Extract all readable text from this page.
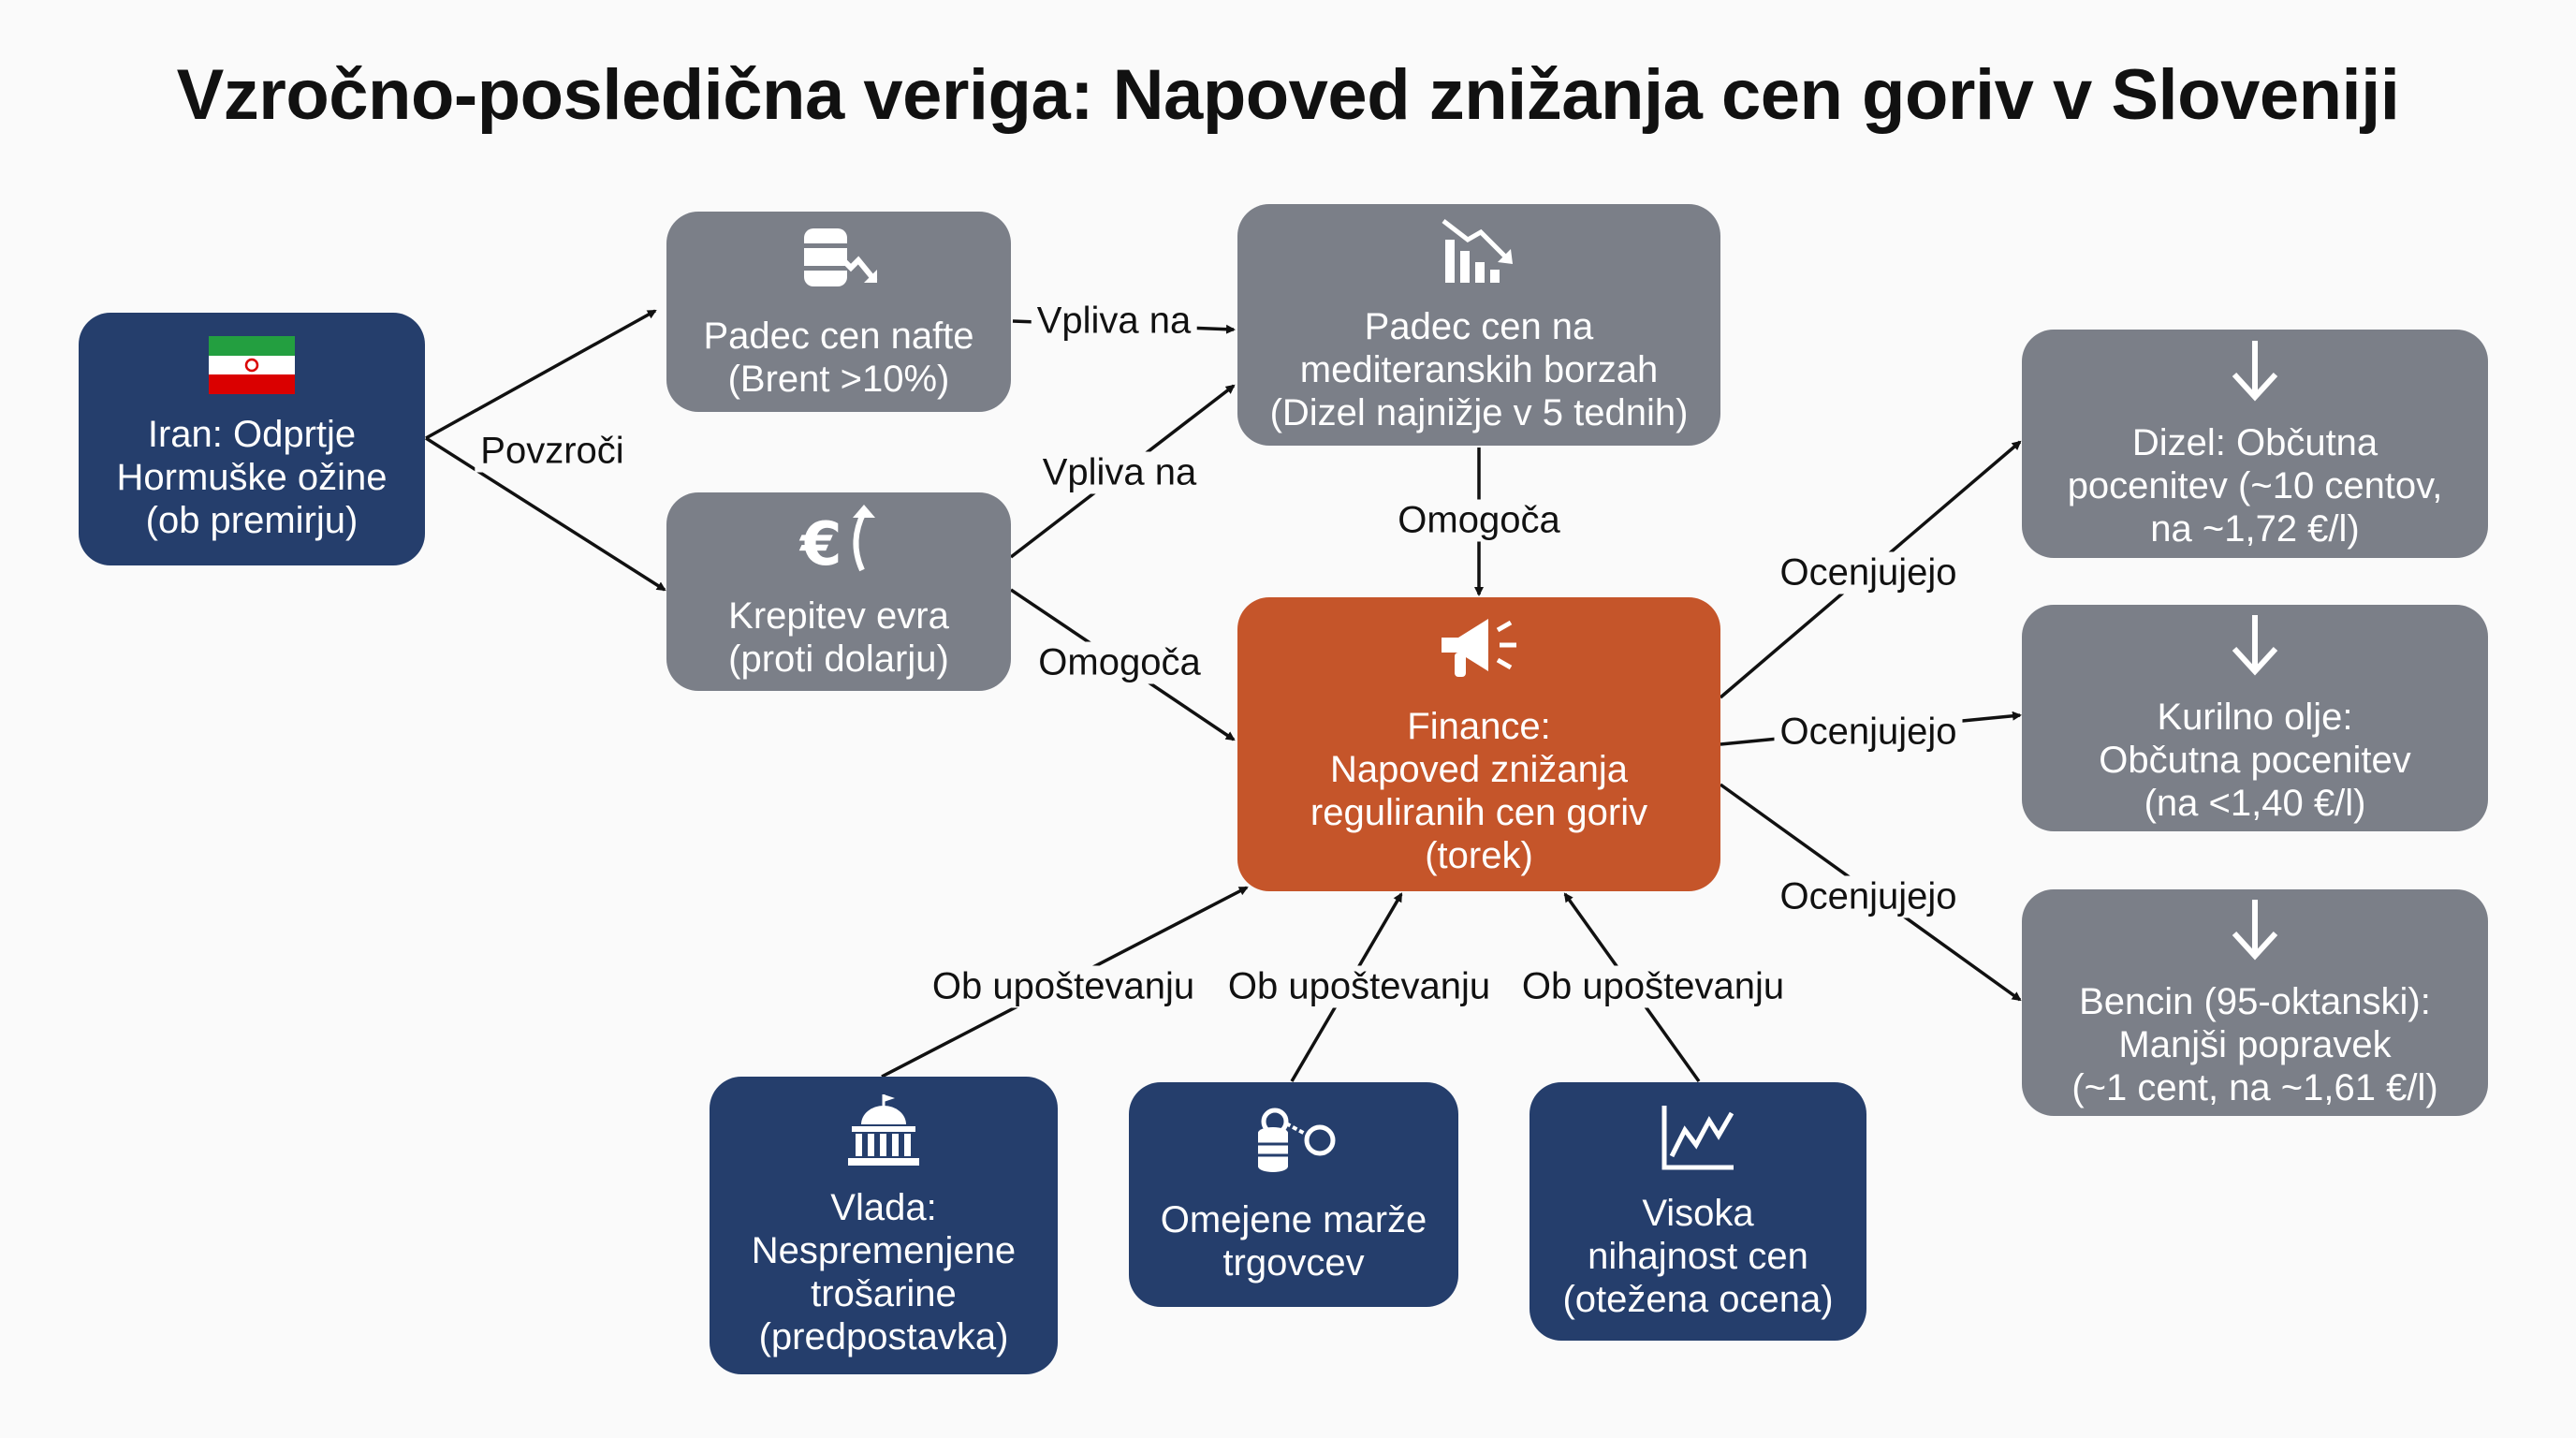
Vzročno-posledična veriga: Napoved znižanja cen goriv v Sloveniji
Povzroči
Vpliva na
Vpliva na
Omogoča
Omogoča
Ocenjujejo
Ocenjujejo
Ocenjujejo
Ob upoštevanju Ob upoštevanju Ob upoštevanju
Iran: Odprtje
Hormuške ožine
(ob premirju)
Padec cen nafte
(Brent >10%)
€
Krepitev evra
(proti dolarju)
Padec cen na
mediteranskih borzah
(Dizel najnižje v 5 tednih)
Finance:
Napoved znižanja
reguliranih cen goriv
(torek)
Dizel: Občutna
pocenitev (~10 centov,
na ~1,72 €/l)
Kurilno olje:
Občutna pocenitev
(na <1,40 €/l)
Bencin (95-oktanski):
Manjši popravek
(~1 cent, na ~1,61 €/l)
Vlada:
Nespremenjene
trošarine
(predpostavka)
Omejene marže
trgovcev
Visoka
nihajnost cen
(otežena ocena)
